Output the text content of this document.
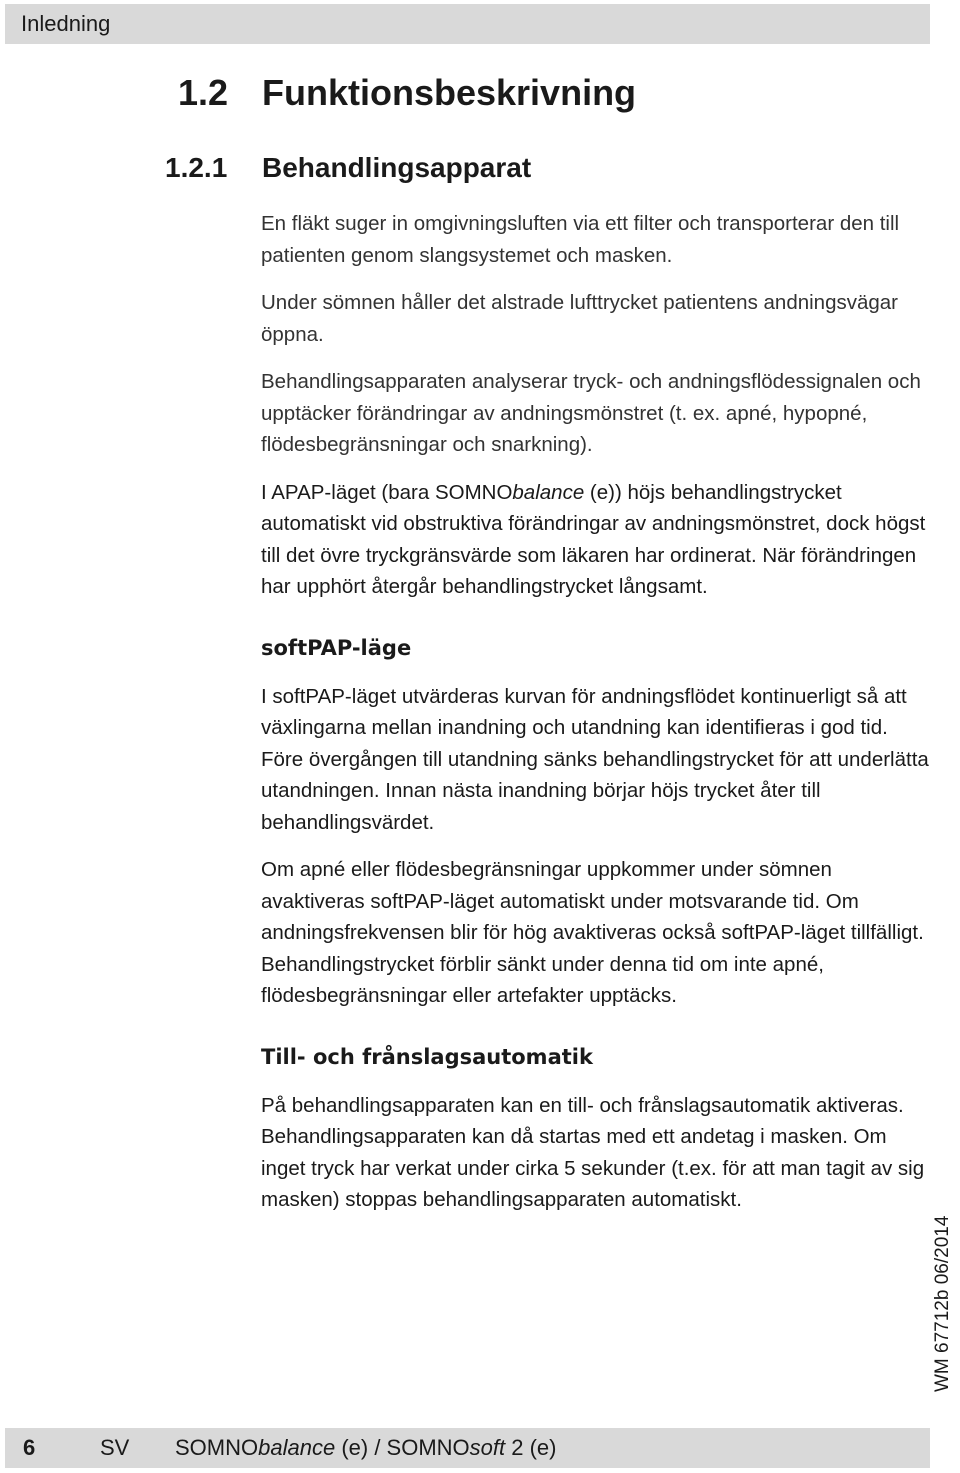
Inledning
1.2 Funktionsbeskrivning
1.2.1 Behandlingsapparat

En fläkt suger in omgivningsluften via ett filter och transporterar den till patienten genom slangsystemet och masken.

Under sömnen håller det alstrade lufttrycket patientens andningsvägar öppna.

Behandlingsapparaten analyserar tryck- och andningsflödessignalen och upptäcker förändringar av andningsmönstret (t. ex. apné, hypopné, flödesbegränsningar och snarkning).

I APAP-läget (bara SOMNObalance (e)) höjs behandlingstrycket automatiskt vid obstruktiva förändringar av andningsmönstret, dock högst till det övre tryckgränsvärde som läkaren har ordinerat. När förändringen har upphört återgår behandlingstrycket långsamt.

softPAP-läge

I softPAP-läget utvärderas kurvan för andningsflödet kontinuerligt så att växlingarna mellan inandning och utandning kan identifieras i god tid. Före övergången till utandning sänks behandlingstrycket för att underlätta utandningen. Innan nästa inandning börjar höjs trycket åter till behandlingsvärdet.

Om apné eller flödesbegränsningar uppkommer under sömnen avaktiveras softPAP-läget automatiskt under motsvarande tid. Om andningsfrekvensen blir för hög avaktiveras också softPAP-läget tillfälligt. Behandlingstrycket förblir sänkt under denna tid om inte apné, flödesbegränsningar eller artefakter upptäcks.

Till- och frånslagsautomatik

På behandlingsapparaten kan en till- och frånslagsautomatik aktiveras. Behandlingsapparaten kan då startas med ett andetag i masken. Om inget tryck har verkat under cirka 5 sekunder (t.ex. för att man tagit av sig masken) stoppas behandlingsapparaten automatiskt.

WM 67712b 06/2014
6	SV SOMNObalance (e) / SOMNOsoft 2 (e)
